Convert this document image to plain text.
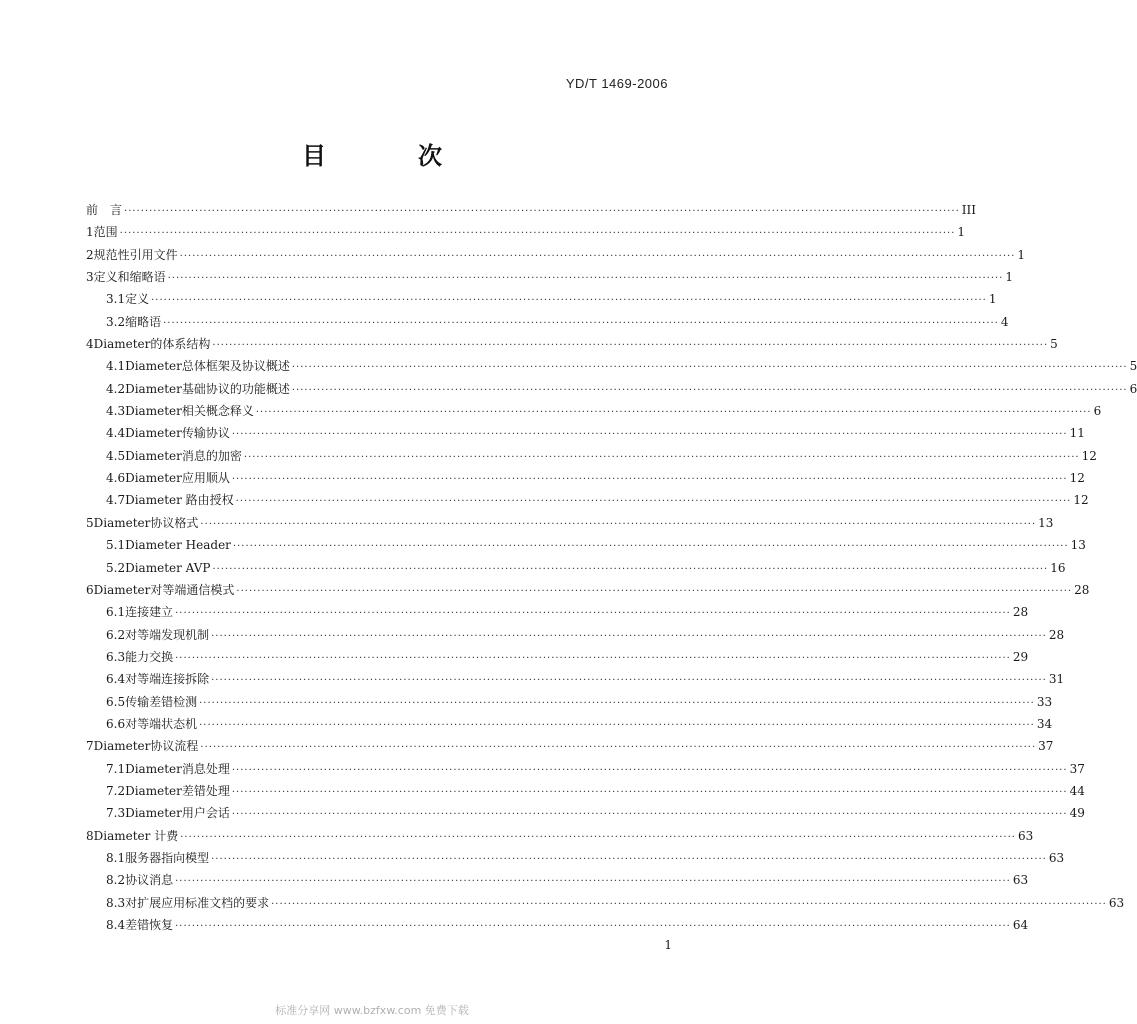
YD/T 1469-2006
目　次
前　言 ········································································································································································································ III
1 范围 ········································································································································································································ 1
2 规范性引用文件 ········································································································································································································ 1
3 定义和缩略语 ········································································································································································································ 1
3.1 定义 ········································································································································································································ 1
3.2 缩略语 ········································································································································································································ 4
4 Diameter的体系结构 ········································································································································································································ 5
4.1 Diameter总体框架及协议概述 ········································································································································································································ 5
4.2 Diameter基础协议的功能概述 ········································································································································································································ 6
4.3 Diameter相关概念释义 ········································································································································································································ 6
4.4 Diameter传输协议 ········································································································································································································ 11
4.5 Diameter消息的加密 ········································································································································································································ 12
4.6 Diameter应用顺从 ········································································································································································································ 12
4.7 Diameter 路由授权 ········································································································································································································ 12
5 Diameter协议格式 ········································································································································································································ 13
5.1 Diameter Header ········································································································································································································ 13
5.2 Diameter AVP ········································································································································································································ 16
6 Diameter对等端通信模式 ········································································································································································································ 28
6.1 连接建立 ········································································································································································································ 28
6.2 对等端发现机制 ········································································································································································································ 28
6.3 能力交换 ········································································································································································································ 29
6.4 对等端连接拆除 ········································································································································································································ 31
6.5 传输差错检测 ········································································································································································································ 33
6.6 对等端状态机 ········································································································································································································ 34
7 Diameter协议流程 ········································································································································································································ 37
7.1 Diameter消息处理 ········································································································································································································ 37
7.2 Diameter差错处理 ········································································································································································································ 44
7.3 Diameter用户会话 ········································································································································································································ 49
8 Diameter 计费 ········································································································································································································ 63
8.1 服务器指向模型 ········································································································································································································ 63
8.2 协议消息 ········································································································································································································ 63
8.3 对扩展应用标准文档的要求 ········································································································································································································ 63
8.4 差错恢复 ········································································································································································································ 64
1
标准分享网 www.bzfxw.com 免费下载
